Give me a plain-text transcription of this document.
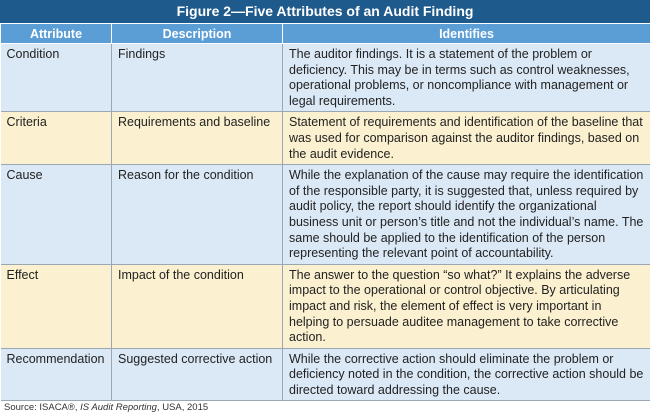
Figure 2—Five Attributes of an Audit Finding
Attribute	Description	Identifies
Condition	Findings	The auditor findings. It is a statement of the problem or deficiency. This may be in terms such as control weaknesses, operational problems, or noncompliance with management or legal requirements.
Criteria	Requirements and baseline	Statement of requirements and identification of the baseline that was used for comparison against the auditor findings, based on the audit evidence.
Cause	Reason for the condition	While the explanation of the cause may require the identification of the responsible party, it is suggested that, unless required by audit policy, the report should identify the organizational business unit or person’s title and not the individual’s name. The same should be applied to the identification of the person representing the relevant point of accountability.
Effect	Impact of the condition	The answer to the question “so what?” It explains the adverse impact to the operational or control objective. By articulating impact and risk, the element of effect is very important in helping to persuade auditee management to take corrective action.
Recommendation	Suggested corrective action	While the corrective action should eliminate the problem or deficiency noted in the condition, the corrective action should be directed toward addressing the cause.
Source: ISACA®, IS Audit Reporting, USA, 2015
